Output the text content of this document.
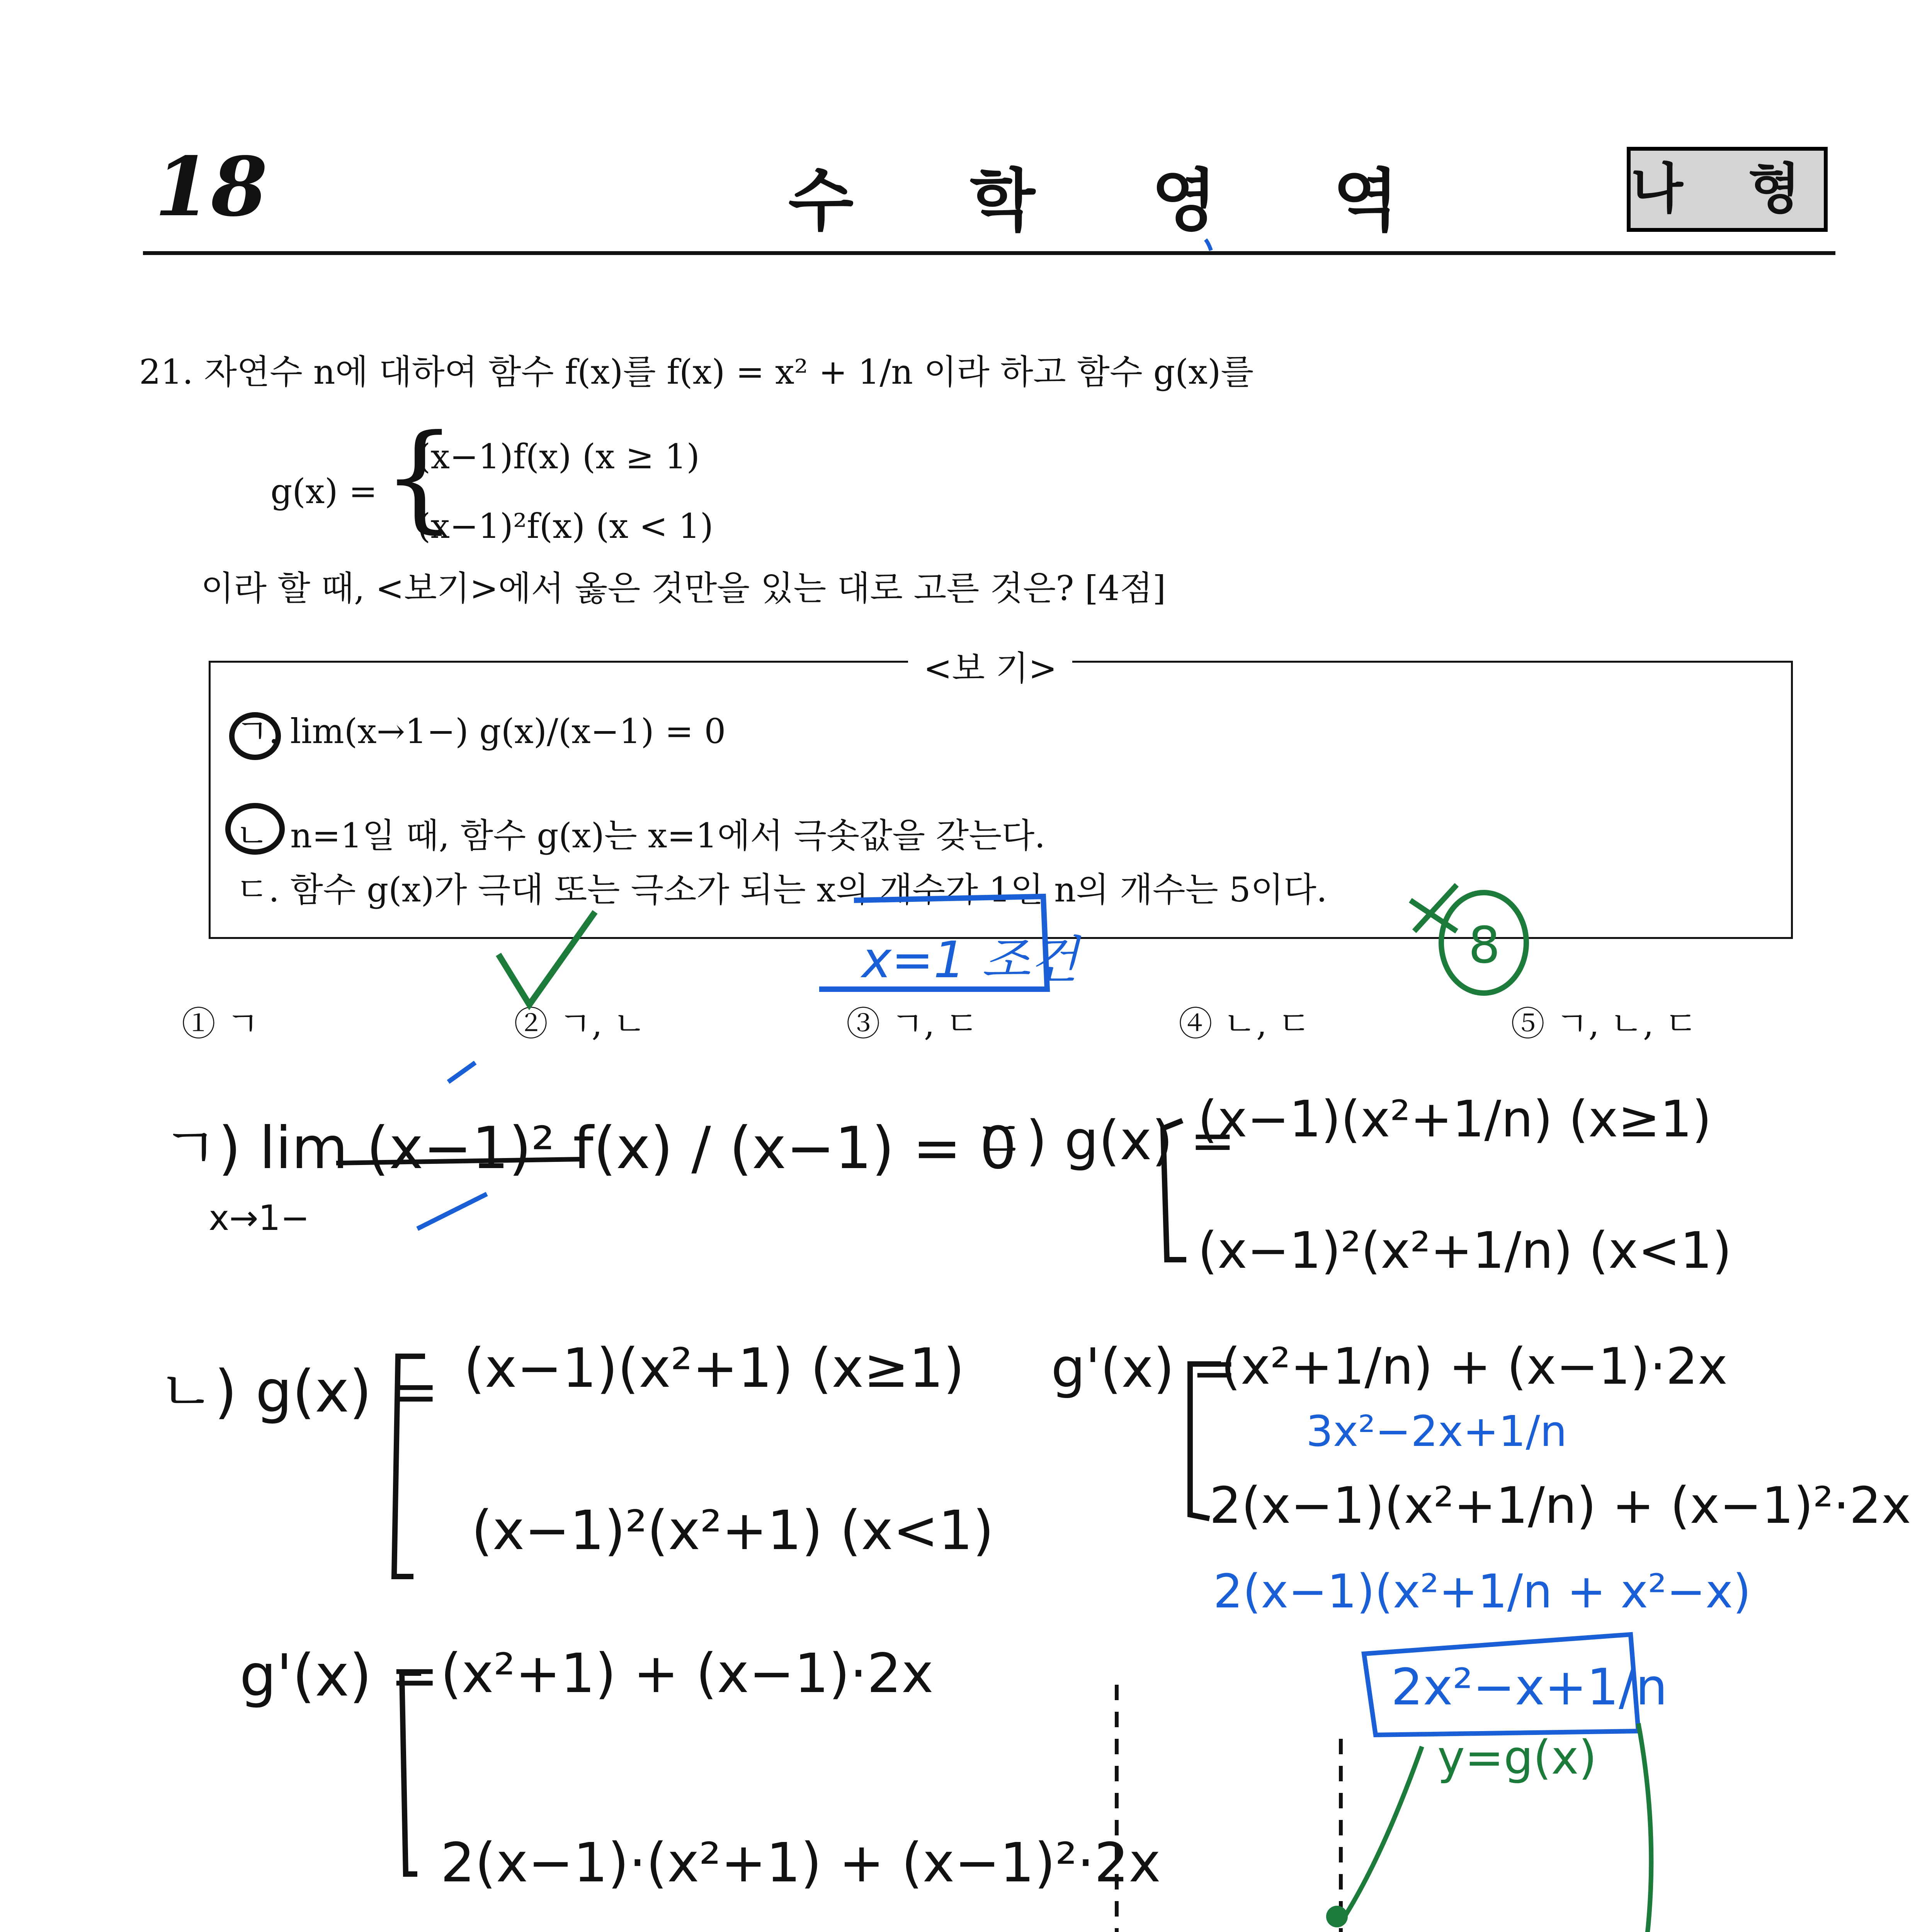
18	수 학 영 역	나 형
21. 자연수 n에 대하여 함수 f(x)를 f(x) = x² + 1/n 이라 하고 함수 g(x)를
g(x) = {
(x−1)f(x) (x ≥ 1)
(x−1)²f(x) (x < 1)
이라 할 때, <보기>에서 옳은 것만을 있는 대로 고른 것은? [4점]
<보 기>
ㄱ. lim(x→1−) g(x)/(x−1) = 0
ㄴ. n=1일 때, 함수 g(x)는 x=1에서 극솟값을 갖는다.
ㄷ. 함수 g(x)가 극대 또는 극소가 되는 x의 개수가 1인 n의 개수는 5이다.
① ㄱ	② ㄱ, ㄴ	③ ㄱ, ㄷ	④ ㄴ, ㄷ	⑤ ㄱ, ㄴ, ㄷ
x=1 조건	8
ㄱ) lim (x−1)² f(x) / (x−1) = 0
x→1−
ㄴ) g(x) = (x−1)(x²+1) (x≥1)
(x−1)²(x²+1) (x<1)
g'(x) = (x²+1) + (x−1)·2x
2(x−1)·(x²+1) + (x−1)²·2x
ㄷ) g(x) =
(x−1)(x²+1/n) (x≥1)
(x−1)²(x²+1/n) (x<1)
g'(x) =
(x²+1/n) + (x−1)·2x
3x²−2x+1/n
2(x−1)(x²+1/n) + (x−1)²·2x
2(x−1)(x²+1/n + x²−x)
2x²−x+1/n
y=g(x)
